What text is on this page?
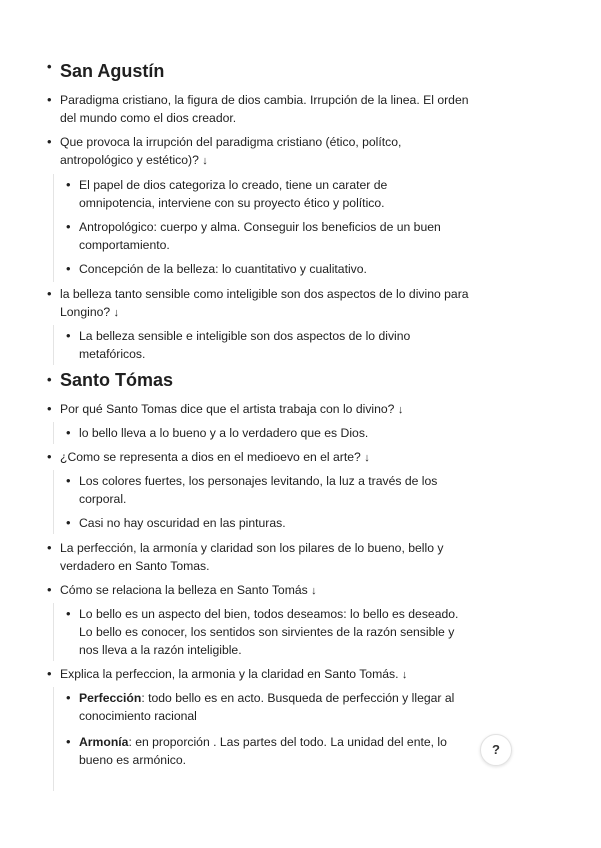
• San Agustín
• Paradigma cristiano, la figura de dios cambia. Irrupción de la linea. El orden del mundo como el dios creador.
• Que provoca la irrupción del paradigma cristiano (ético, polítco, antropológico y estético)? ↓
• El papel de dios categoriza lo creado, tiene un carater de omnipotencia, interviene con su proyecto ético y político.
• Antropológico: cuerpo y alma. Conseguir los beneficios de un buen comportamiento.
• Concepción de la belleza: lo cuantitativo y cualitativo.
• la belleza tanto sensible como inteligible son dos aspectos de lo divino para Longino? ↓
• La belleza sensible e inteligible son dos aspectos de lo divino metafóricos.
• Santo Tómas
• Por qué Santo Tomas dice que el artista trabaja con lo divino? ↓
• lo bello lleva a lo bueno y a lo verdadero que es Dios.
• ¿Como se representa a dios en el medioevo en el arte? ↓
• Los colores fuertes, los personajes levitando, la luz a través de los corporal.
• Casi no hay oscuridad en las pinturas.
• La perfección, la armonía y claridad son los pilares de lo bueno, bello y verdadero en Santo Tomas.
• Cómo se relaciona la belleza en Santo Tomás ↓
• Lo bello es un aspecto del bien, todos deseamos: lo bello es deseado. Lo bello es conocer, los sentidos son sirvientes de la razón sensible y nos lleva a la razón inteligible.
• Explica la perfeccion, la armonia y la claridad en Santo Tomás. ↓
• Perfección: todo bello es en acto. Busqueda de perfección y llegar al conocimiento racional
• Armonía: en proporción . Las partes del todo. La unidad del ente, lo bueno es armónico.
?
